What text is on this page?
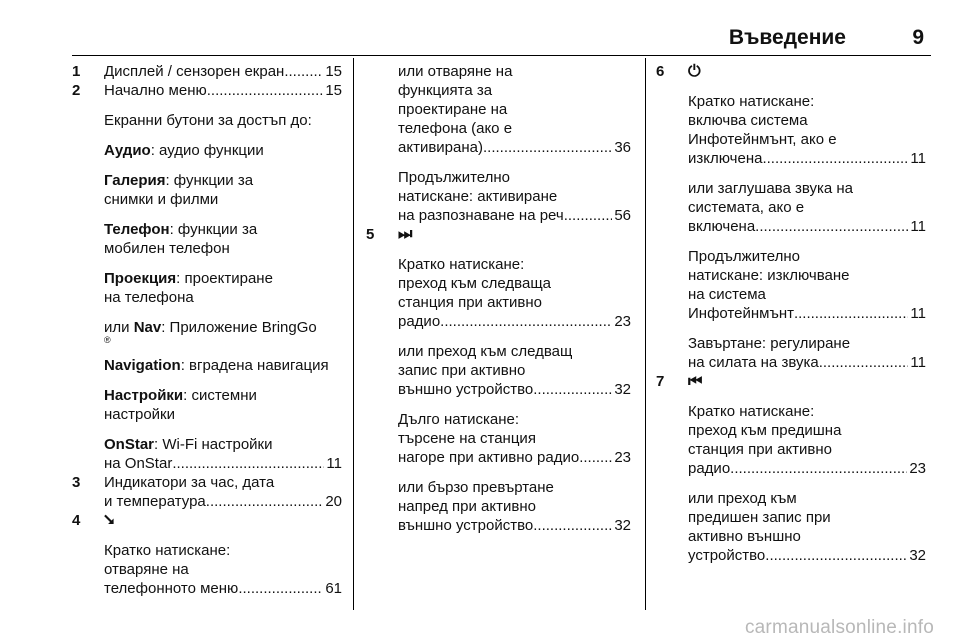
Въведение	9
1 Дисплей / сензорен екран .....	15
2 Начално меню .....	15
Екранни бутони за достъп до:
Аудио: аудио функции
Галерия: функции за
снимки и филми
Телефон: функции за
мобилен телефон
Проекция: проектиране
на телефона
или Nav: Приложение BringGo
®
Navigation: вградена навигация
Настройки: системни
настройки
OnStar: Wi-Fi настройки
на OnStar .....	11
3 Индикатори за час, дата
и температура .....	20
4 ⭨
Кратко натискане:
отваряне на
телефонното меню .....	61
или отваряне на
функцията за
проектиране на
телефона (ако е
активирана) .....	36
Продължително
натискане: активиране
на разпознаване на реч .....	56
5 ⏭
Кратко натискане:
преход към следваща
станция при активно
радио .....	23
или преход към следващ
запис при активно
външно устройство .....	32
Дълго натискане:
търсене на станция
нагоре при активно радио ..... 23
или бързо превъртане
напред при активно
външно устройство .....	32
6 ⏻
Кратко натискане:
включва система
Инфотейнмънт, ако е
изключена .....	11
или заглушава звука на
системата, ако е
включена .....	11
Продължително
натискане: изключване
на система
Инфотейнмънт .....	11
Завъртане: регулиране
на силата на звука .....	11
7 ⏮
Кратко натискане:
преход към предишна
станция при активно
радио .....	23
или преход към
предишен запис при
активно външно
устройство .....	32
carmanualsonline.info
